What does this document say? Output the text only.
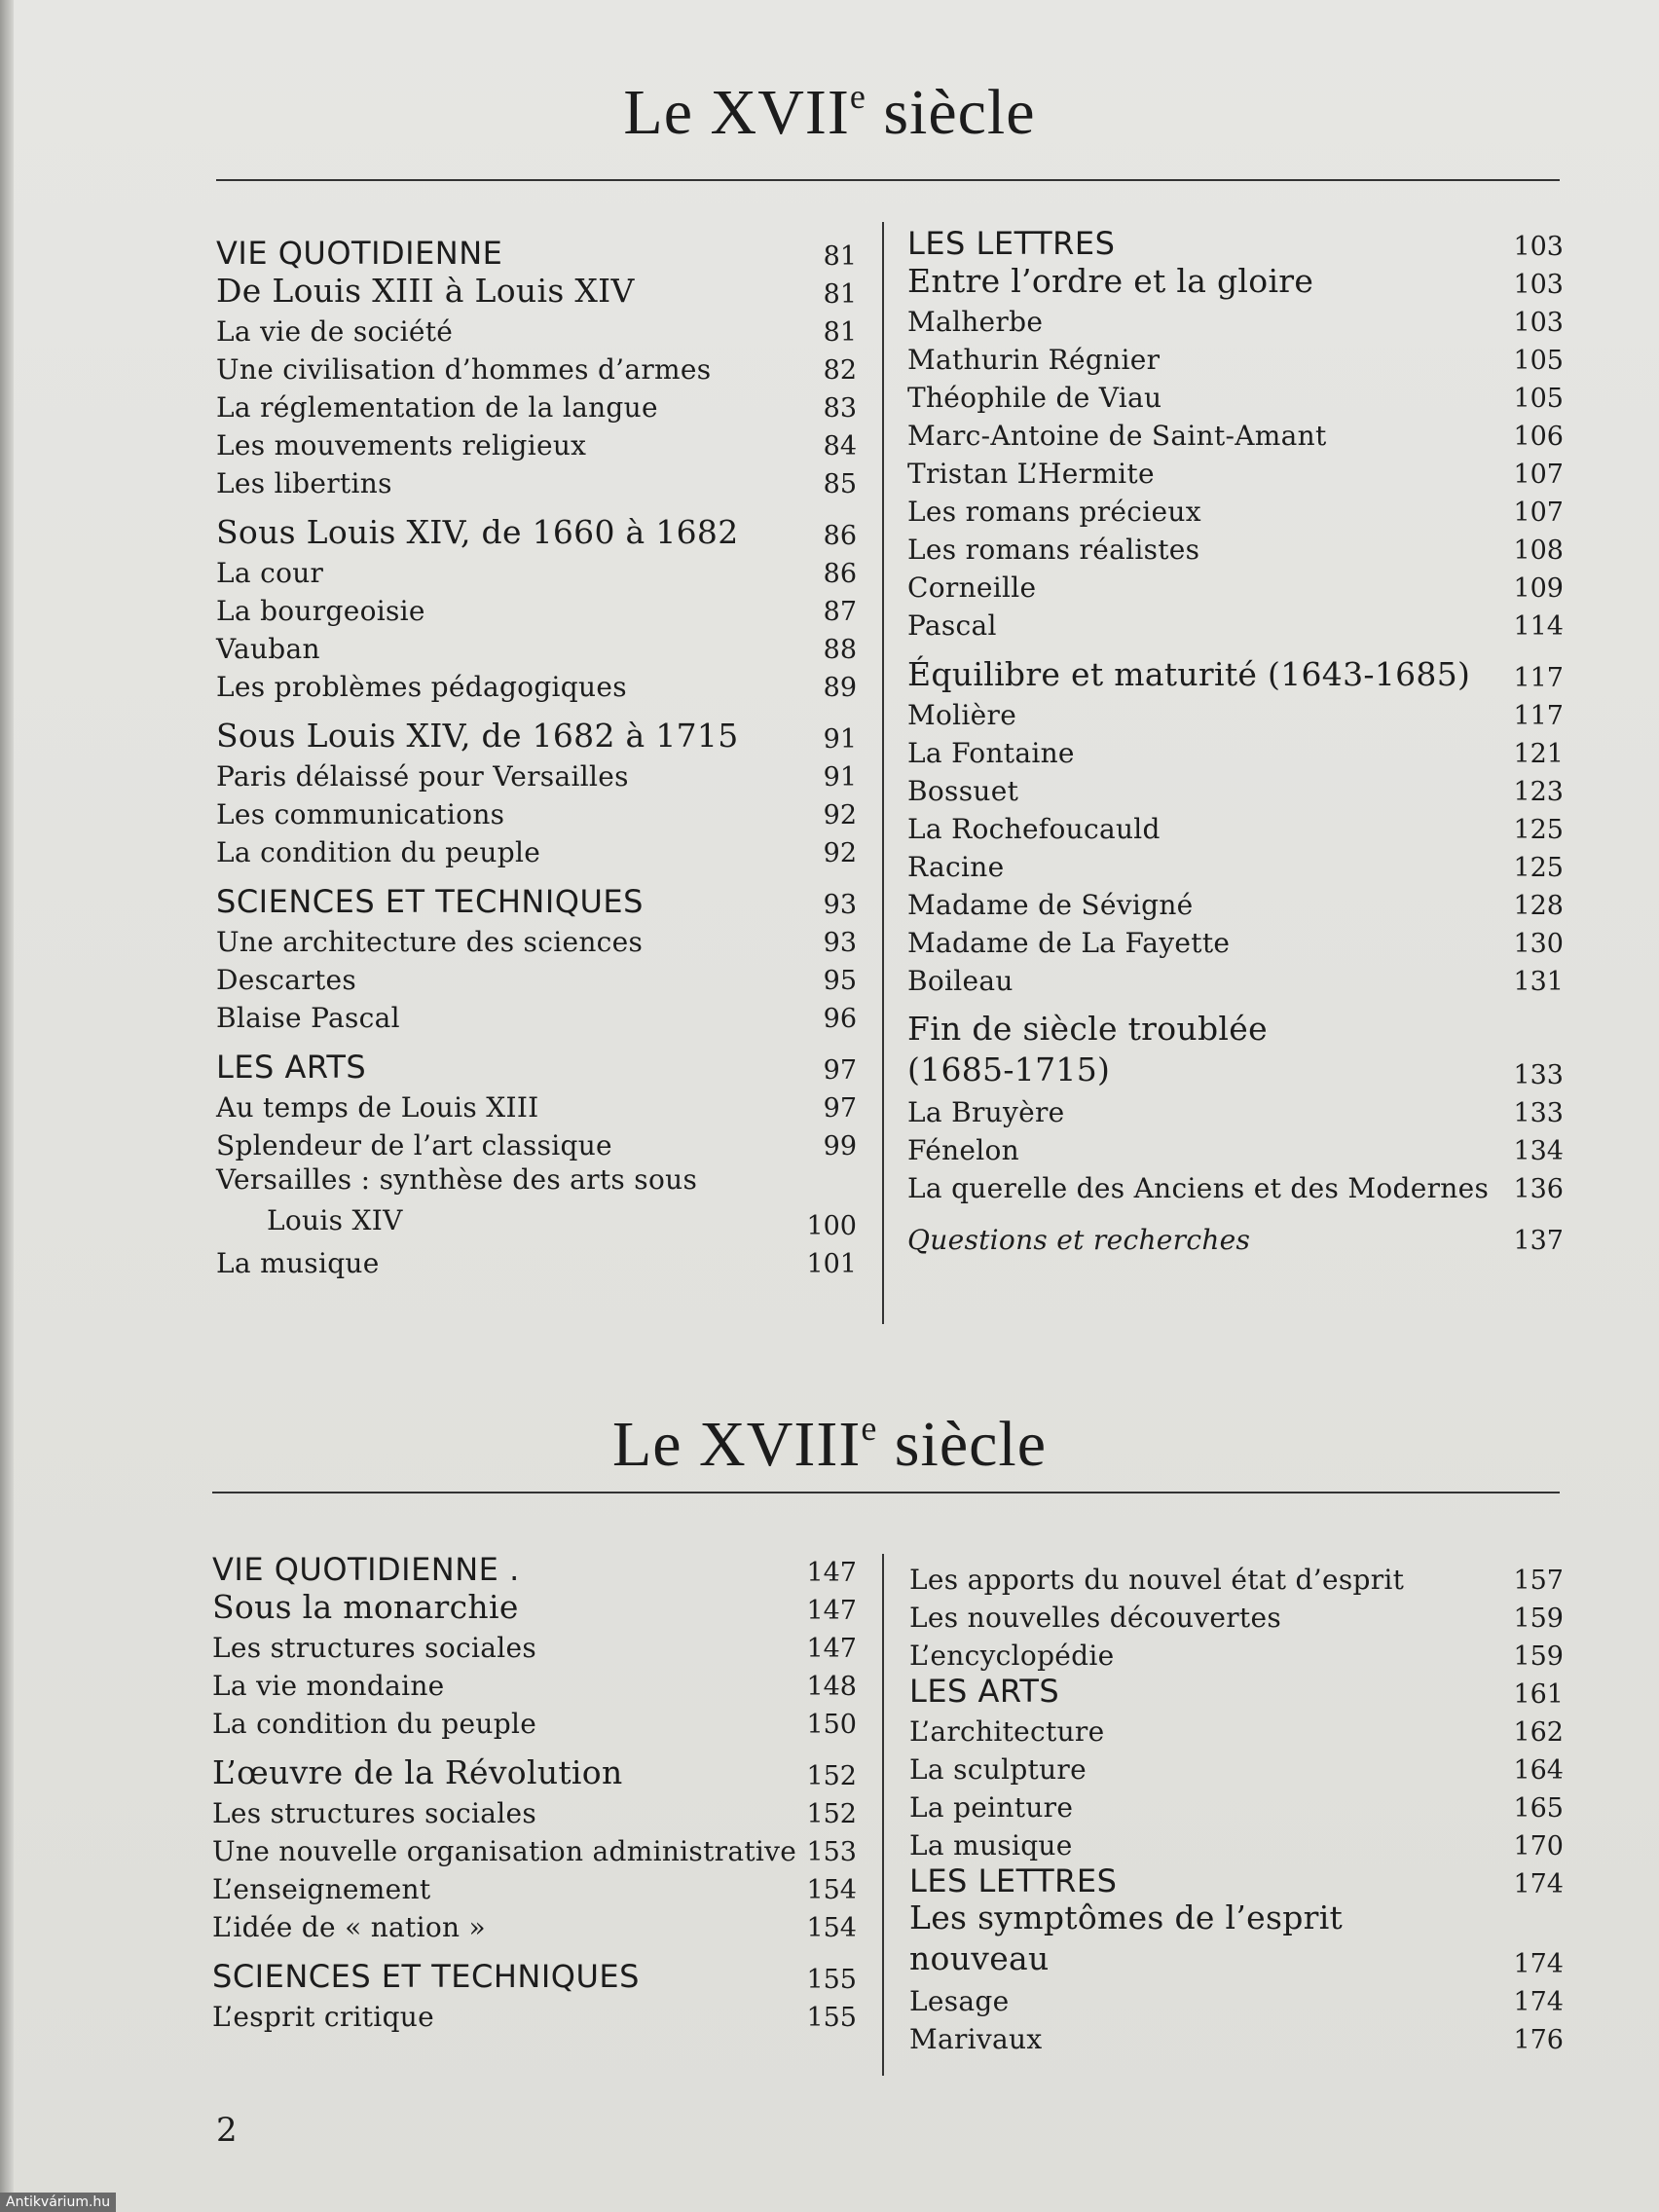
Le XVIIe siècle
VIE QUOTIDIENNE	81
De Louis XIII à Louis XIV	81
La vie de société	81
Une civilisation d’hommes d’armes	82
La réglementation de la langue	83
Les mouvements religieux	84
Les libertins	85
Sous Louis XIV, de 1660 à 1682	86
La cour	86
La bourgeoisie	87
Vauban	88
Les problèmes pédagogiques	89
Sous Louis XIV, de 1682 à 1715	91
Paris délaissé pour Versailles	91
Les communications	92
La condition du peuple	92
SCIENCES ET TECHNIQUES	93
Une architecture des sciences	93
Descartes	95
Blaise Pascal	96
LES ARTS	97
Au temps de Louis XIII	97
Splendeur de l’art classique	99
Versailles : synthèse des arts sous
Louis XIV	100
La musique	101
LES LETTRES	103
Entre l’ordre et la gloire	103
Malherbe	103
Mathurin Régnier	105
Théophile de Viau	105
Marc-Antoine de Saint-Amant	106
Tristan L’Hermite	107
Les romans précieux	107
Les romans réalistes	108
Corneille	109
Pascal	114
Équilibre et maturité (1643-1685) 117
Molière	117
La Fontaine	121
Bossuet	123
La Rochefoucauld	125
Racine	125
Madame de Sévigné	128
Madame de La Fayette	130
Boileau	131
Fin de siècle troublée
(1685-1715)	133
La Bruyère	133
Fénelon	134
La querelle des Anciens et des Modernes 136
Questions et recherches	137
Le XVIIIe siècle
VIE QUOTIDIENNE .	147
Sous la monarchie	147
Les structures sociales	147
La vie mondaine	148
La condition du peuple	150
L’œuvre de la Révolution	152
Les structures sociales	152
Une nouvelle organisation administrative 153
L’enseignement	154
L’idée de « nation »	154
SCIENCES ET TECHNIQUES	155
L’esprit critique	155
Les apports du nouvel état d’esprit	157
Les nouvelles découvertes	159
L’encyclopédie	159
LES ARTS	161
L’architecture	162
La sculpture	164
La peinture	165
La musique	170
LES LETTRES	174
Les symptômes de l’esprit
nouveau	174
Lesage	174
Marivaux	176
2
Antikvárium.hu
